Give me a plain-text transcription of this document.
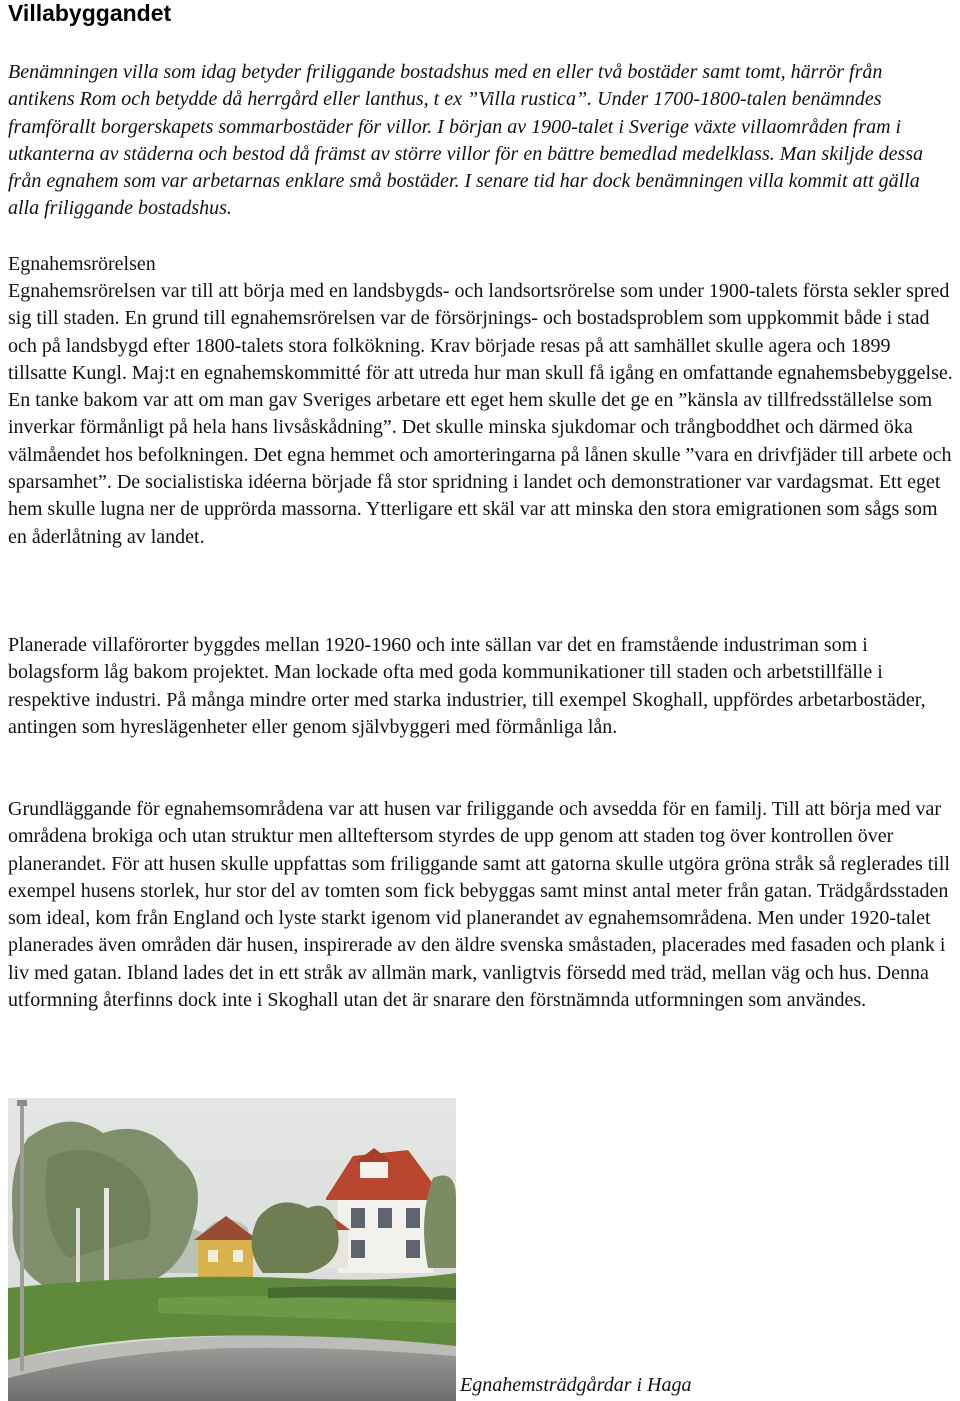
Villabyggandet

Benämningen villa som idag betyder friliggande bostadshus med en eller två bostäder samt tomt, härrör från antikens Rom och betydde då herrgård eller lanthus, t ex ”Villa rustica”. Under 1700-1800-talen benämndes framförallt borgerskapets sommarbostäder för villor. I början av 1900-talet i Sverige växte villaområden fram i utkanterna av städerna och bestod då främst av större villor för en bättre bemedlad medelklass. Man skiljde dessa från egnahem som var arbetarnas enklare små bostäder. I senare tid har dock benämningen villa kommit att gälla alla friliggande bostadshus.

Egnahemsrörelsen

Egnahemsrörelsen var till att börja med en landsbygds- och landsortsrörelse som under 1900-talets första sekler spred sig till staden. En grund till egnahemsrörelsen var de försörjnings- och bostadsproblem som uppkommit både i stad och på landsbygd efter 1800-talets stora folkökning. Krav började resas på att samhället skulle agera och 1899 tillsatte Kungl. Maj:t en egnahemskommitté för att utreda hur man skull få igång en omfattande egnahemsbebyggelse. En tanke bakom var att om man gav Sveriges arbetare ett eget hem skulle det ge en ”känsla av tillfredsställelse som inverkar förmånligt på hela hans livsåskådning”. Det skulle minska sjukdomar och trångboddhet och därmed öka välmåendet hos befolkningen. Det egna hemmet och amorteringarna på lånen skulle ”vara en drivfjäder till arbete och sparsamhet”. De socialistiska idéerna började få stor spridning i landet och demonstrationer var vardagsmat. Ett eget hem skulle lugna ner de upprörda massorna. Ytterligare ett skäl var att minska den stora emigrationen som sågs som en åderlåtning av landet.

Planerade villaförorter byggdes mellan 1920-1960 och inte sällan var det en framstående industriman som i bolagsform låg bakom projektet. Man lockade ofta med goda kommunikationer till staden och arbetstillfälle i respektive industri. På många mindre orter med starka industrier, till exempel Skoghall, uppfördes arbetarbostäder, antingen som hyreslägenheter eller genom självbyggeri med förmånliga lån.

Grundläggande för egnahemsområdena var att husen var friliggande och avsedda för en familj. Till att börja med var områdena brokiga och utan struktur men allteftersom styrdes de upp genom att staden tog över kontrollen över planerandet. För att husen skulle uppfattas som friliggande samt att gatorna skulle utgöra gröna stråk så reglerades till exempel husens storlek, hur stor del av tomten som fick bebyggas samt minst antal meter från gatan. Trädgårdsstaden som ideal, kom från England och lyste starkt igenom vid planerandet av egnahemsområdena. Men under 1920-talet planerades även områden där husen, inspirerade av den äldre svenska småstaden, placerades med fasaden och plank i liv med gatan. Ibland lades det in ett stråk av allmän mark, vanligtvis försedd med träd, mellan väg och hus. Denna utformning återfinns dock inte i Skoghall utan det är snarare den förstnämnda utformningen som användes.

Egnahemsträdgårdar i Haga
